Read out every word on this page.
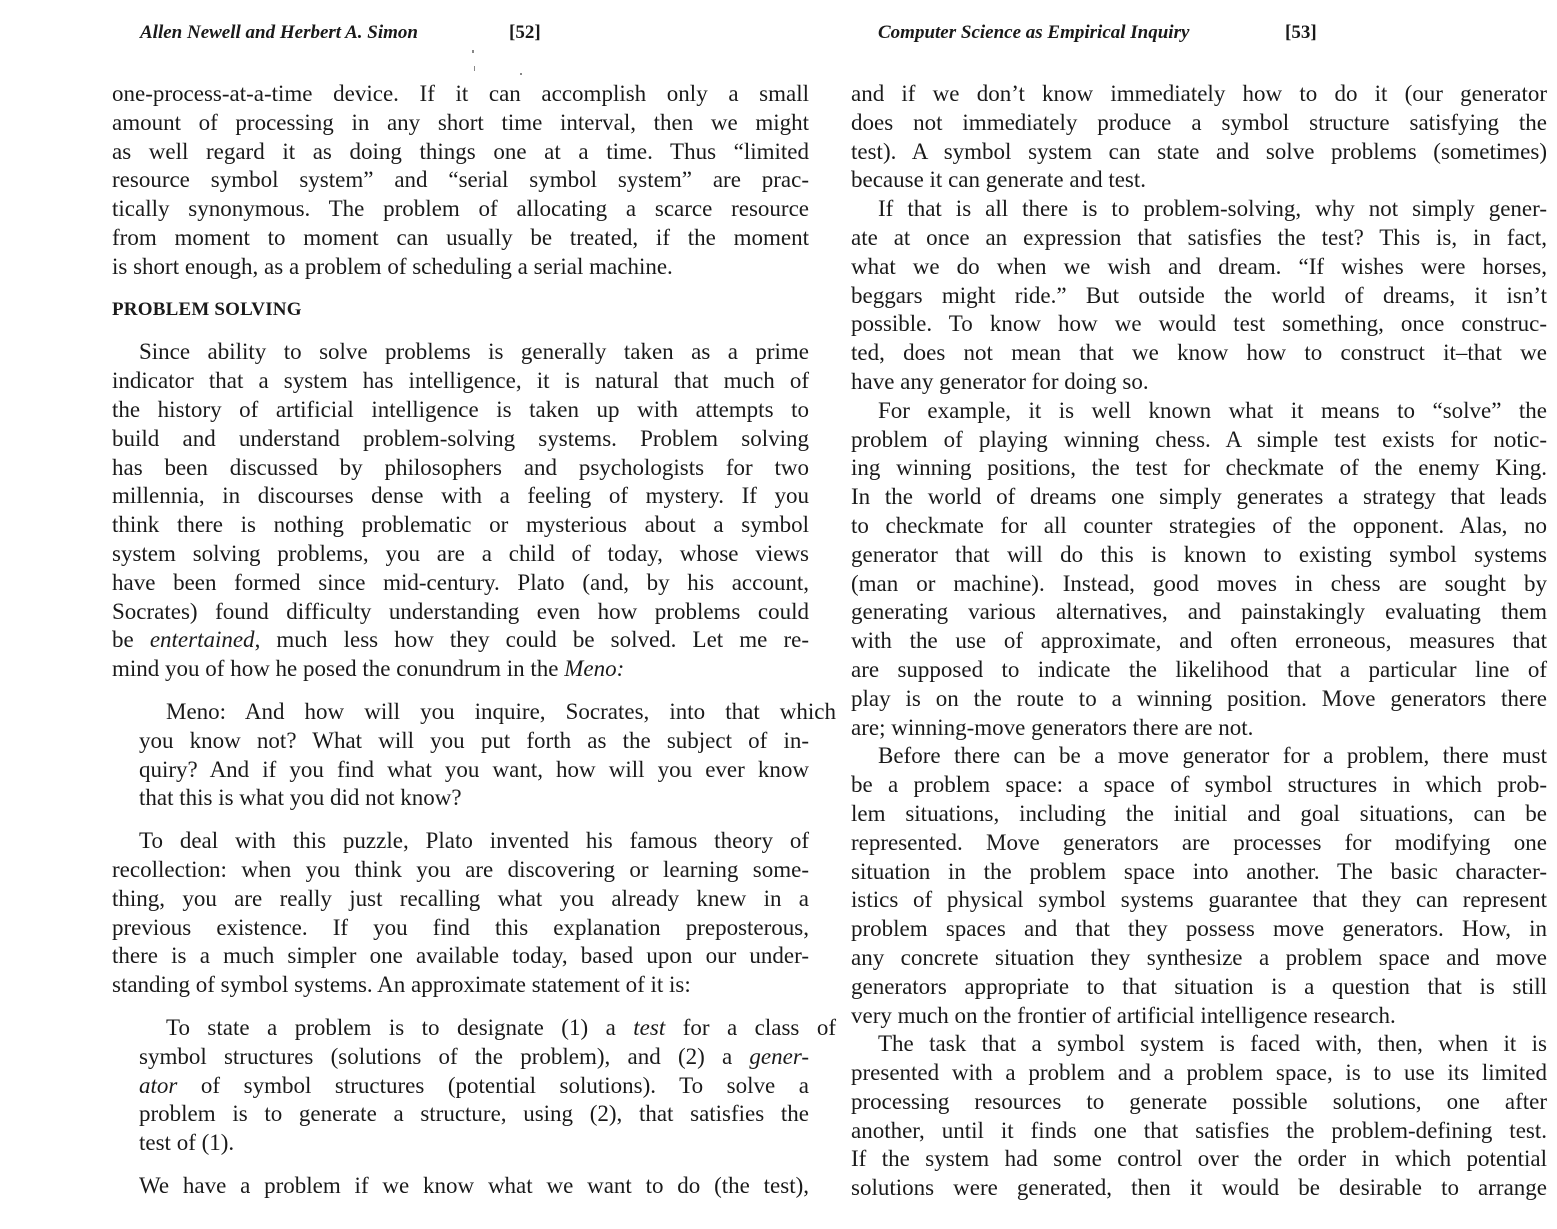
Allen Newell and Herbert A. Simon	[52]
one-process-at-a-time device. If it can accomplish only a small
amount of processing in any short time interval, then we might
as well regard it as doing things one at a time. Thus “limited
resource symbol system” and “serial symbol system” are prac-
tically synonymous. The problem of allocating a scarce resource
from moment to moment can usually be treated, if the moment
is short enough, as a problem of scheduling a serial machine.
PROBLEM SOLVING
Since ability to solve problems is generally taken as a prime
indicator that a system has intelligence, it is natural that much of
the history of artificial intelligence is taken up with attempts to
build and understand problem-solving systems. Problem solving
has been discussed by philosophers and psychologists for two
millennia, in discourses dense with a feeling of mystery. If you
think there is nothing problematic or mysterious about a symbol
system solving problems, you are a child of today, whose views
have been formed since mid-century. Plato (and, by his account,
Socrates) found difficulty understanding even how problems could
be entertained, much less how they could be solved. Let me re-
mind you of how he posed the conundrum in the Meno:
Meno: And how will you inquire, Socrates, into that which
you know not? What will you put forth as the subject of in-
quiry? And if you find what you want, how will you ever know
that this is what you did not know?
To deal with this puzzle, Plato invented his famous theory of
recollection: when you think you are discovering or learning some-
thing, you are really just recalling what you already knew in a
previous existence. If you find this explanation preposterous,
there is a much simpler one available today, based upon our under-
standing of symbol systems. An approximate statement of it is:
To state a problem is to designate (1) a test for a class of
symbol structures (solutions of the problem), and (2) a gener-
ator of symbol structures (potential solutions). To solve a
problem is to generate a structure, using (2), that satisfies the
test of (1).
We have a problem if we know what we want to do (the test),
Computer Science as Empirical Inquiry	[53]
and if we don’t know immediately how to do it (our generator
does not immediately produce a symbol structure satisfying the
test). A symbol system can state and solve problems (sometimes)
because it can generate and test.
If that is all there is to problem-solving, why not simply gener-
ate at once an expression that satisfies the test? This is, in fact,
what we do when we wish and dream. “If wishes were horses,
beggars might ride.” But outside the world of dreams, it isn’t
possible. To know how we would test something, once construc-
ted, does not mean that we know how to construct it–that we
have any generator for doing so.
For example, it is well known what it means to “solve” the
problem of playing winning chess. A simple test exists for notic-
ing winning positions, the test for checkmate of the enemy King.
In the world of dreams one simply generates a strategy that leads
to checkmate for all counter strategies of the opponent. Alas, no
generator that will do this is known to existing symbol systems
(man or machine). Instead, good moves in chess are sought by
generating various alternatives, and painstakingly evaluating them
with the use of approximate, and often erroneous, measures that
are supposed to indicate the likelihood that a particular line of
play is on the route to a winning position. Move generators there
are; winning-move generators there are not.
Before there can be a move generator for a problem, there must
be a problem space: a space of symbol structures in which prob-
lem situations, including the initial and goal situations, can be
represented. Move generators are processes for modifying one
situation in the problem space into another. The basic character-
istics of physical symbol systems guarantee that they can represent
problem spaces and that they possess move generators. How, in
any concrete situation they synthesize a problem space and move
generators appropriate to that situation is a question that is still
very much on the frontier of artificial intelligence research.
The task that a symbol system is faced with, then, when it is
presented with a problem and a problem space, is to use its limited
processing resources to generate possible solutions, one after
another, until it finds one that satisfies the problem-defining test.
If the system had some control over the order in which potential
solutions were generated, then it would be desirable to arrange
